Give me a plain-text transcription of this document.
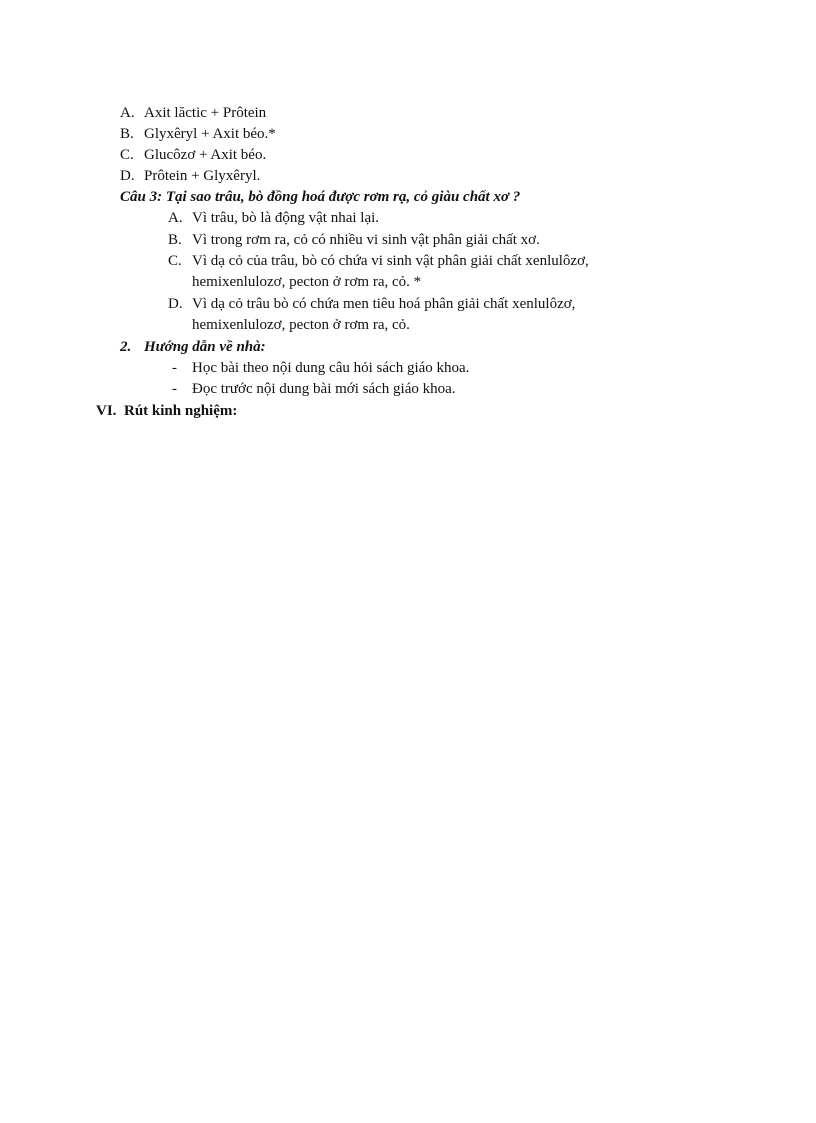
A. Axit lăctic + Prôtein
B. Glyxêryl + Axit béo.*
C. Glucôzơ + Axit béo.
D. Prôtein + Glyxêryl.
Câu 3: Tại sao trâu, bò đồng hoá được rơm rạ, cỏ giàu chất xơ ?
A. Vì trâu, bò là động vật nhai lại.
B. Vì trong rơm ra, cỏ có nhiều vi sinh vật phân giải chất xơ.
C. Vì dạ cỏ của trâu, bò có chứa vi sinh vật phân giải chất xenlulôzơ,
hemixenlulozơ, pecton ở rơm ra, cỏ. *
D. Vì dạ cỏ trâu bò có chứa men tiêu hoá phân giải chất xenlulôzơ,
hemixenlulozơ, pecton ở rơm ra, cỏ.
2. Hướng dẫn về nhà:
- Học bài theo nội dung câu hỏi sách giáo khoa.
- Đọc trước nội dung bài mới sách giáo khoa.
VI. Rút kinh nghiệm:
